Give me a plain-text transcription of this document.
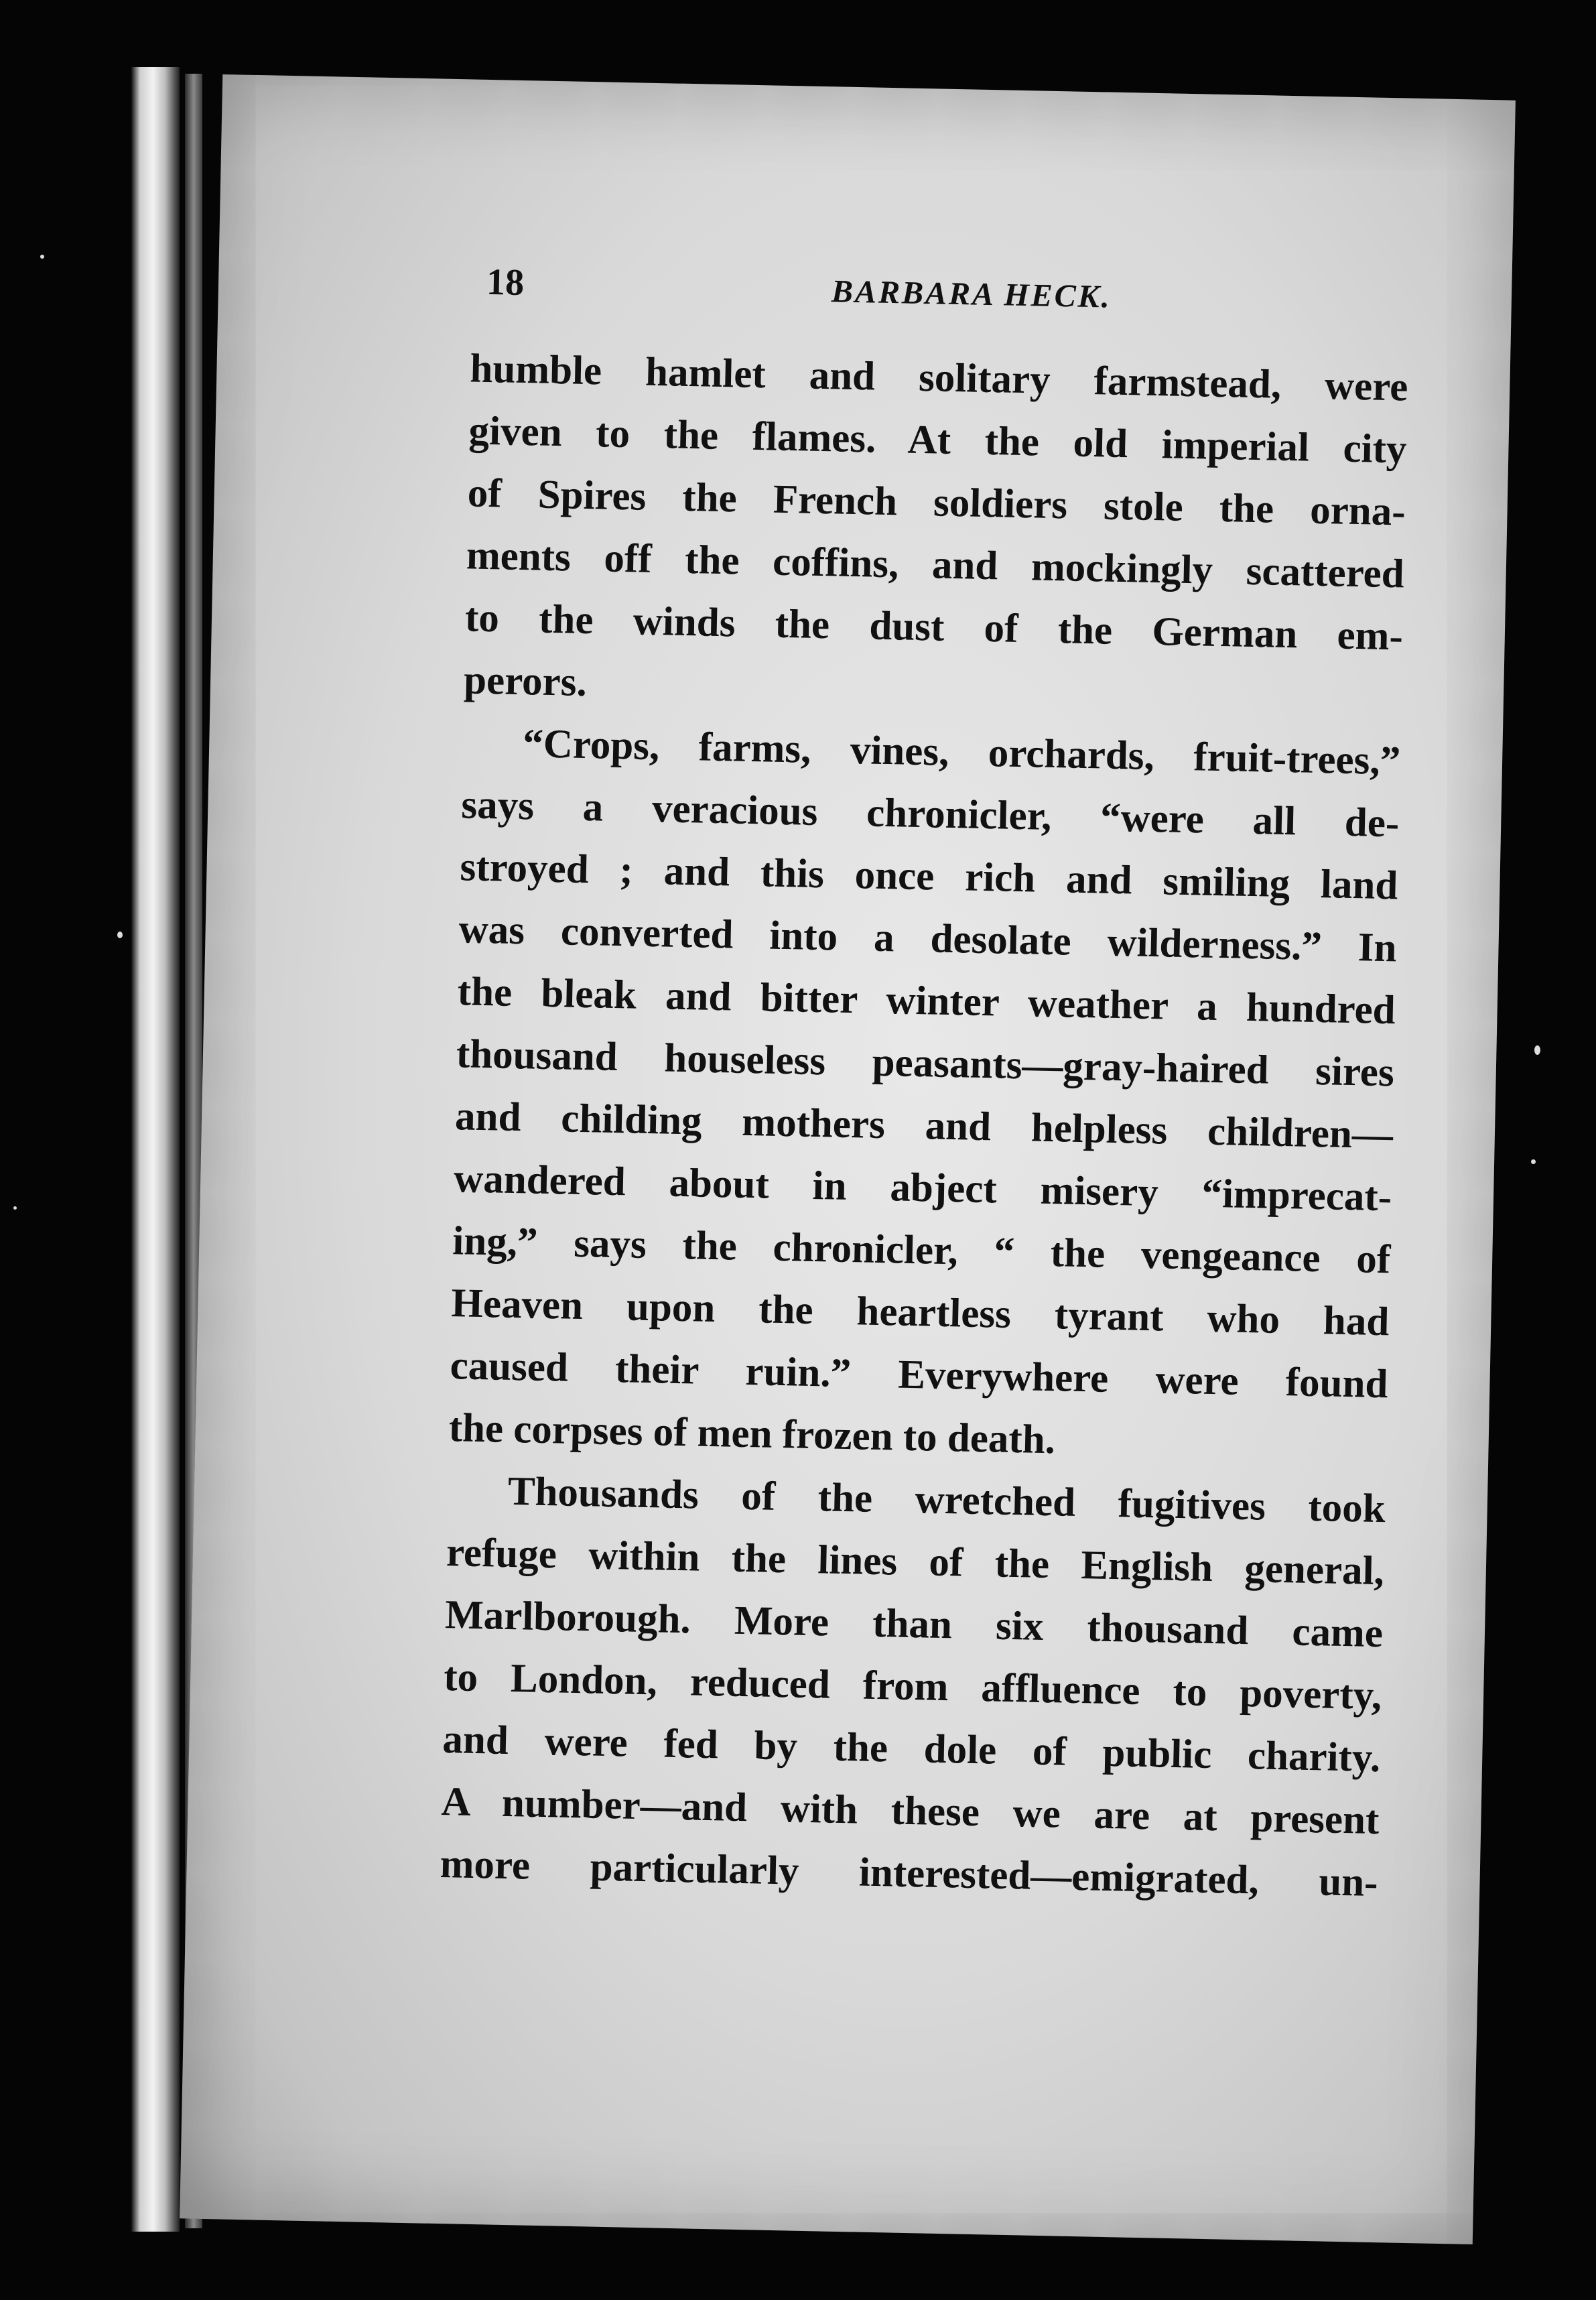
18	BARBARA HECK.
humble hamlet and solitary farmstead, were
given to the flames. At the old imperial city
of Spires the French soldiers stole the orna-
ments off the coffins, and mockingly scattered
to the winds the dust of the German em-
perors.
“Crops, farms, vines, orchards, fruit-trees,”
says a veracious chronicler, “were all de-
stroyed ; and this once rich and smiling land
was converted into a desolate wilderness.” In
the bleak and bitter winter weather a hundred
thousand houseless peasants—gray-haired sires
and childing mothers and helpless children—
wandered about in abject misery “imprecat-
ing,” says the chronicler, “ the vengeance of
Heaven upon the heartless tyrant who had
caused their ruin.” Everywhere were found
the corpses of men frozen to death.
Thousands of the wretched fugitives took
refuge within the lines of the English general,
Marlborough. More than six thousand came
to London, reduced from affluence to poverty,
and were fed by the dole of public charity.
A number—and with these we are at present
more particularly interested—emigrated, un-
